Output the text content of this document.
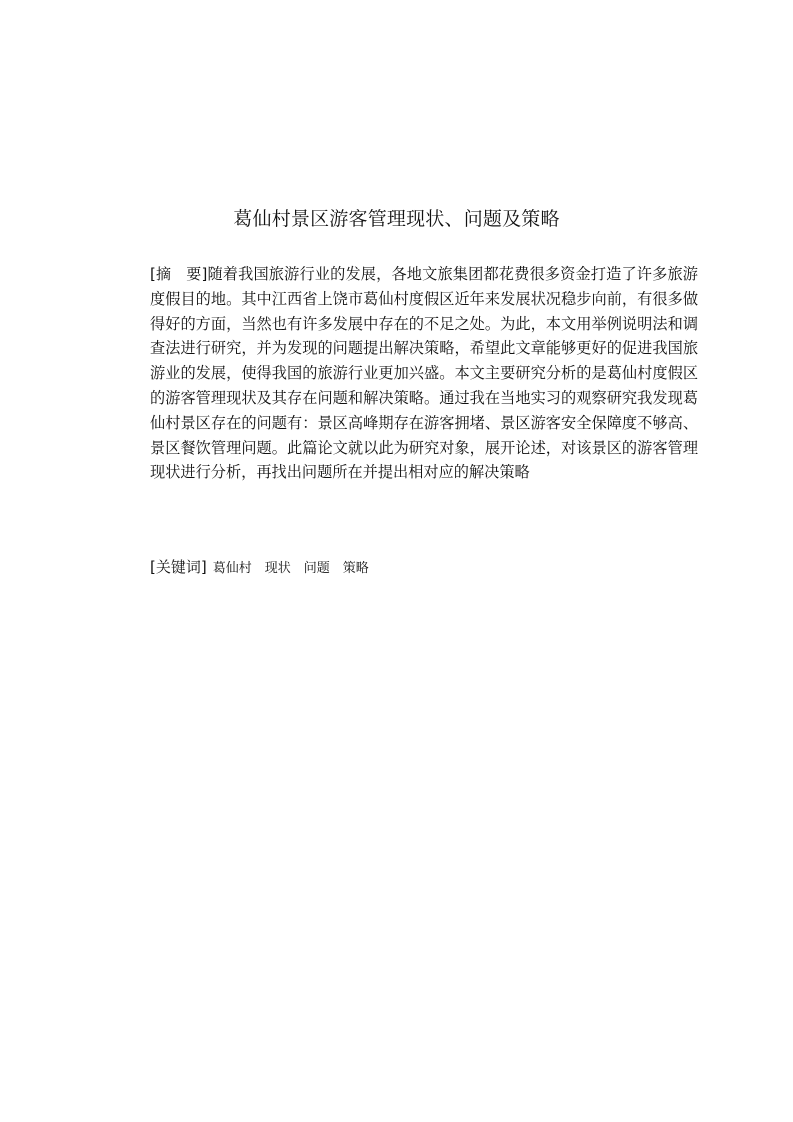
葛仙村景区游客管理现状、问题及策略

[摘　要]随着我国旅游行业的发展，各地文旅集团都花费很多资金打造了许多旅游度假目的地。其中江西省上饶市葛仙村度假区近年来发展状况稳步向前，有很多做得好的方面，当然也有许多发展中存在的不足之处。为此，本文用举例说明法和调查法进行研究，并为发现的问题提出解决策略，希望此文章能够更好的促进我国旅游业的发展，使得我国的旅游行业更加兴盛。本文主要研究分析的是葛仙村度假区的游客管理现状及其存在问题和解决策略。通过我在当地实习的观察研究我发现葛仙村景区存在的问题有：景区高峰期存在游客拥堵、景区游客安全保障度不够高、景区餐饮管理问题。此篇论文就以此为研究对象，展开论述，对该景区的游客管理现状进行分析，再找出问题所在并提出相对应的解决策略

[关键词] 葛仙村 现状 问题 策略
